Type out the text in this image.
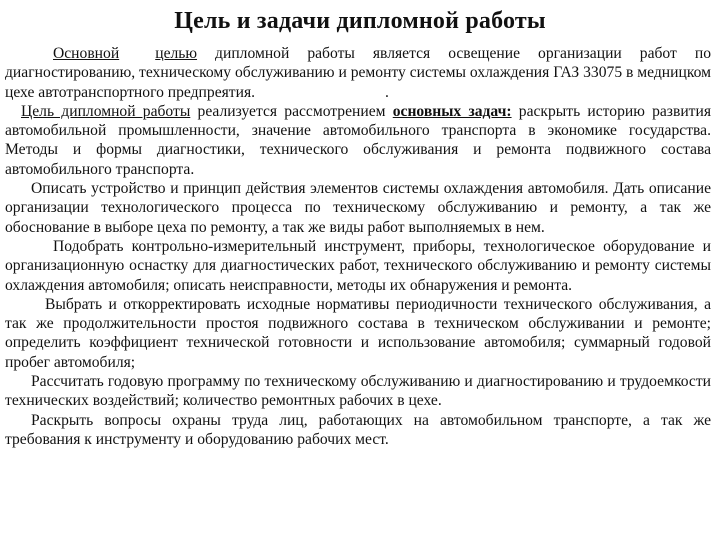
Цель и задачи дипломной работы

Основной целью дипломной работы является освещение организации работ по диагностированию, техническому обслуживанию и ремонту системы охлаждения ГАЗ 33075 в медницком цехе автотранспортного предпреятия.	.

Цель дипломной работы реализуется рассмотрением основных задач: раскрыть историю развития автомобильной промышленности, значение автомобильного транспорта в экономике государства. Методы и формы диагностики, технического обслуживания и ремонта подвижного состава автомобильного транспорта.

Описать устройство и принцип действия элементов системы охлаждения автомобиля. Дать описание организации технологического процесса по техническому обслуживанию и ремонту, а так же обоснование в выборе цеха по ремонту, а так же виды работ выполняемых в нем.

Подобрать контрольно-измерительный инструмент, приборы, технологическое оборудование и организационную оснастку для диагностических работ, технического обслуживанию и ремонту системы охлаждения автомобиля; описать неисправности, методы их обнаружения и ремонта.

Выбрать и откорректировать исходные нормативы периодичности технического обслуживания, а так же продолжительности простоя подвижного состава в техническом обслуживании и ремонте; определить коэффициент технической готовности и использование автомобиля; суммарный годовой пробег автомобиля;

Рассчитать годовую программу по техническому обслуживанию и диагностированию и трудоемкости технических воздействий; количество ремонтных рабочих в цехе.

Раскрыть вопросы охраны труда лиц, работающих на автомобильном транспорте, а так же требования к инструменту и оборудованию рабочих мест.
